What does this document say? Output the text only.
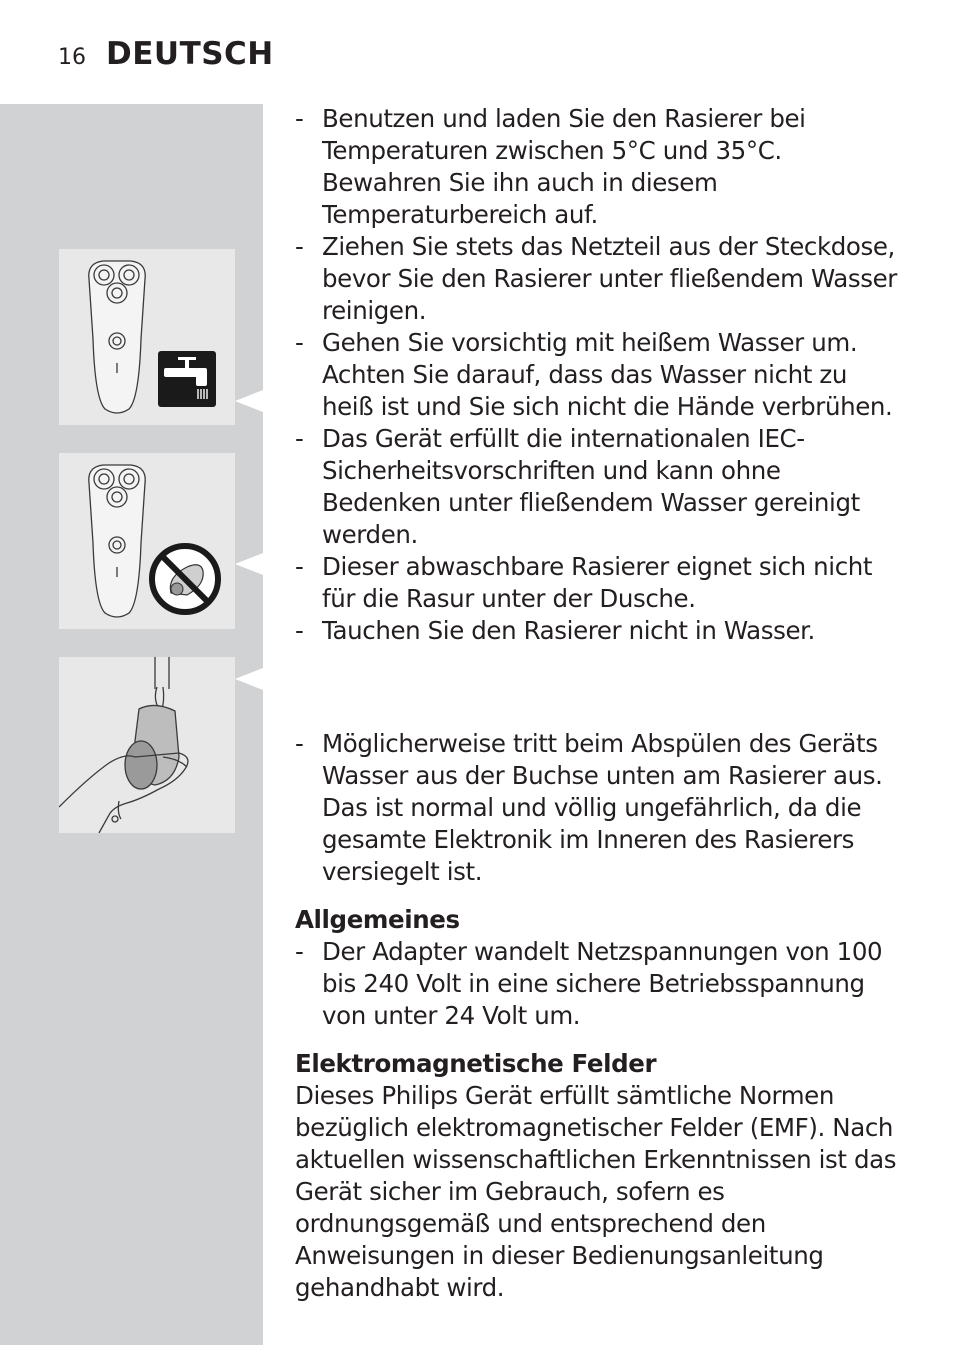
16 DEUTSCH
- Benutzen und laden Sie den Rasierer bei Temperaturen zwischen 5°C und 35°C. Bewahren Sie ihn auch in diesem Temperaturbereich auf.
- Ziehen Sie stets das Netzteil aus der Steckdose, bevor Sie den Rasierer unter fließendem Wasser reinigen.
- Gehen Sie vorsichtig mit heißem Wasser um. Achten Sie darauf, dass das Wasser nicht zu heiß ist und Sie sich nicht die Hände verbrühen.
- Das Gerät erfüllt die internationalen IEC-Sicherheitsvorschriften und kann ohne Bedenken unter fließendem Wasser gereinigt werden.
- Dieser abwaschbare Rasierer eignet sich nicht für die Rasur unter der Dusche.
- Tauchen Sie den Rasierer nicht in Wasser.
- Möglicherweise tritt beim Abspülen des Geräts Wasser aus der Buchse unten am Rasierer aus. Das ist normal und völlig ungefährlich, da die gesamte Elektronik im Inneren des Rasierers versiegelt ist.

Allgemeines

- Der Adapter wandelt Netzspannungen von 100 bis 240 Volt in eine sichere Betriebsspannung von unter 24 Volt um.

Elektromagnetische Felder

Dieses Philips Gerät erfüllt sämtliche Normen bezüglich elektromagnetischer Felder (EMF). Nach aktuellen wissenschaftlichen Erkenntnissen ist das Gerät sicher im Gebrauch, sofern es ordnungsgemäß und entsprechend den Anweisungen in dieser Bedienungsanleitung gehandhabt wird.
